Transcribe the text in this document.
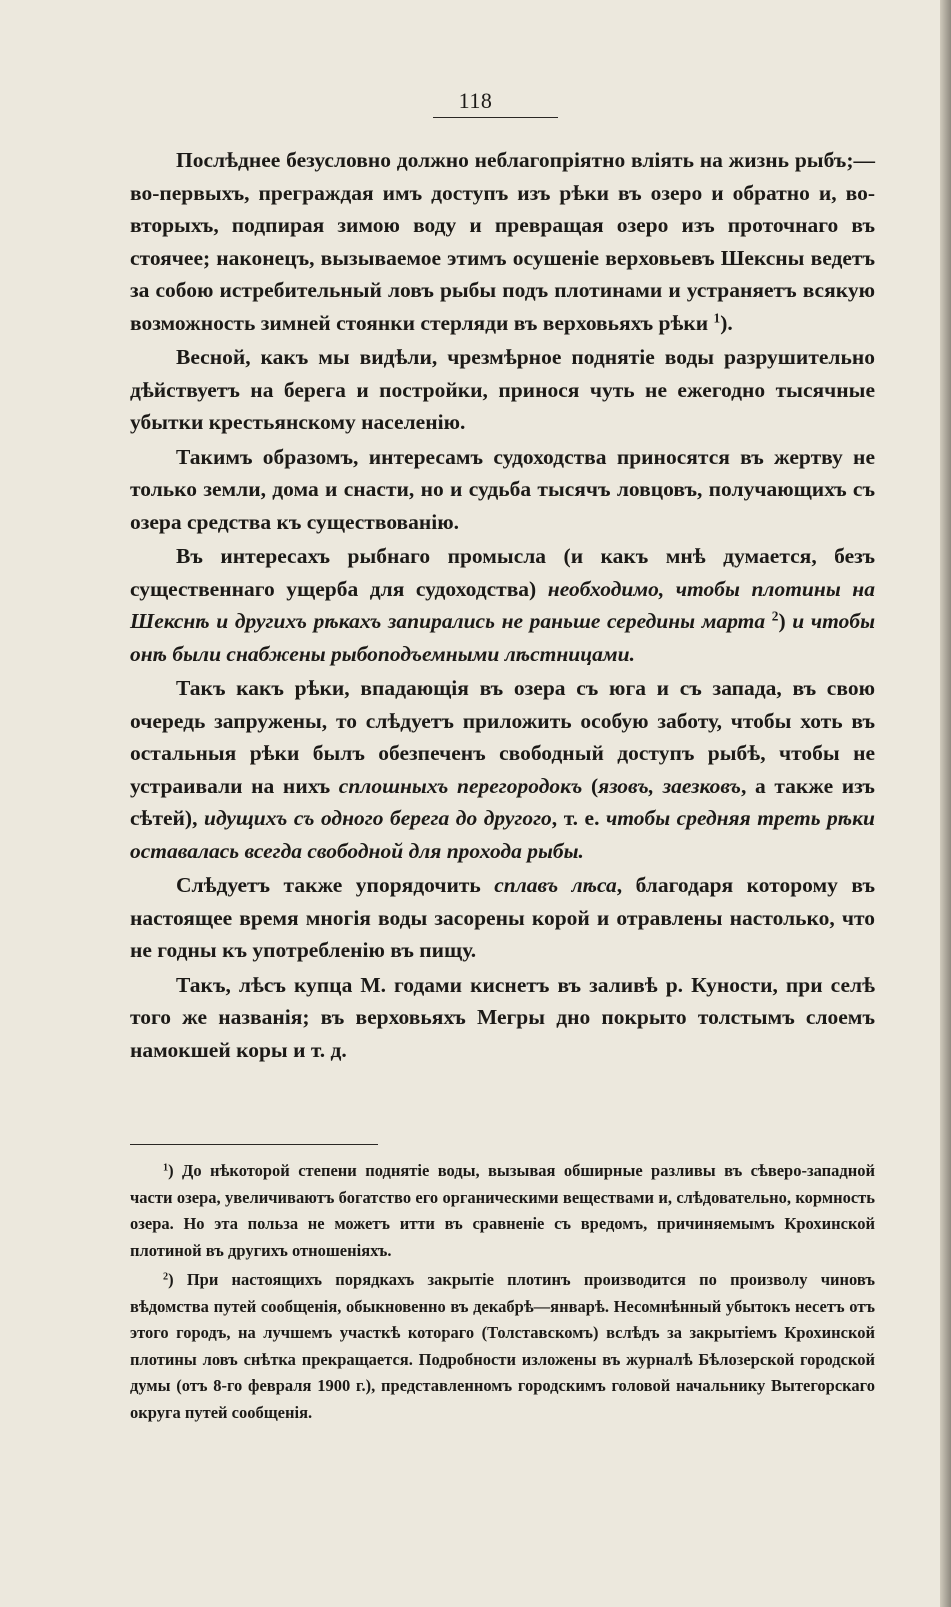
118

Послѣднее безусловно должно неблагопріятно вліять на жизнь рыбъ;—во-первыхъ, преграждая имъ доступъ изъ рѣки въ озеро и обратно и, во-вторыхъ, подпирая зимою воду и превращая озеро изъ проточнаго въ стоячее; наконецъ, вызываемое этимъ осушеніе верховьевъ Шексны ведетъ за собою истребительный ловъ рыбы подъ плотинами и устраняетъ всякую возможность зимней стоянки стерляди въ верховьяхъ рѣки $^1$).

Весной, какъ мы видѣли, чрезмѣрное поднятіе воды разрушительно дѣйствуетъ на берега и постройки, принося чуть не ежегодно тысячные убытки крестьянскому населенію.

Такимъ образомъ, интересамъ судоходства приносятся въ жертву не только земли, дома и снасти, но и судьба тысячъ ловцовъ, получающихъ съ озера средства къ существованію.

Въ интересахъ рыбнаго промысла (и какъ мнѣ думается, безъ существеннаго ущерба для судоходства) необходимо, чтобы плотины на Шекснѣ и другихъ рѣкахъ запирались не раньше середины марта $^2$) и чтобы онѣ были снабжены рыбоподъемными лѣстницами.

Такъ какъ рѣки, впадающія въ озера съ юга и съ запада, въ свою очередь запружены, то слѣдуетъ приложить особую заботу, чтобы хоть въ остальныя рѣки былъ обезпеченъ свободный доступъ рыбѣ, чтобы не устраивали на нихъ сплошныхъ перегородокъ (язовъ, заезковъ, а также изъ сѣтей), идущихъ съ одного берега до другого, т. е. чтобы средняя треть рѣки оставалась всегда свободной для прохода рыбы.

Слѣдуетъ также упорядочить сплавъ лѣса, благодаря которому въ настоящее время многія воды засорены корой и отравлены настолько, что не годны къ употребленію въ пищу.

Такъ, лѣсъ купца М. годами киснетъ въ заливѣ р. Куности, при селѣ того же названія; въ верховьяхъ Мегры дно покрыто толстымъ слоемъ намокшей коры и т. д.

$^1$) До нѣкоторой степени поднятіе воды, вызывая обширные разливы въ сѣверо-западной части озера, увеличиваютъ богатство его органическими веществами и, слѣдовательно, кормность озера. Но эта польза не можетъ итти въ сравненіе съ вредомъ, причиняемымъ Крохинской плотиной въ другихъ отношеніяхъ.

$^2$) При настоящихъ порядкахъ закрытіе плотинъ производится по произволу чиновъ вѣдомства путей сообщенія, обыкновенно въ декабрѣ—январѣ. Несомнѣнный убытокъ несетъ отъ этого городъ, на лучшемъ участкѣ котораго (Толставскомъ) вслѣдъ за закрытіемъ Крохинской плотины ловъ снѣтка прекращается. Подробности изложены въ журналѣ Бѣлозерской городской думы (отъ 8-го февраля 1900 г.), представленномъ городскимъ головой начальнику Вытегорскаго округа путей сообщенія.
